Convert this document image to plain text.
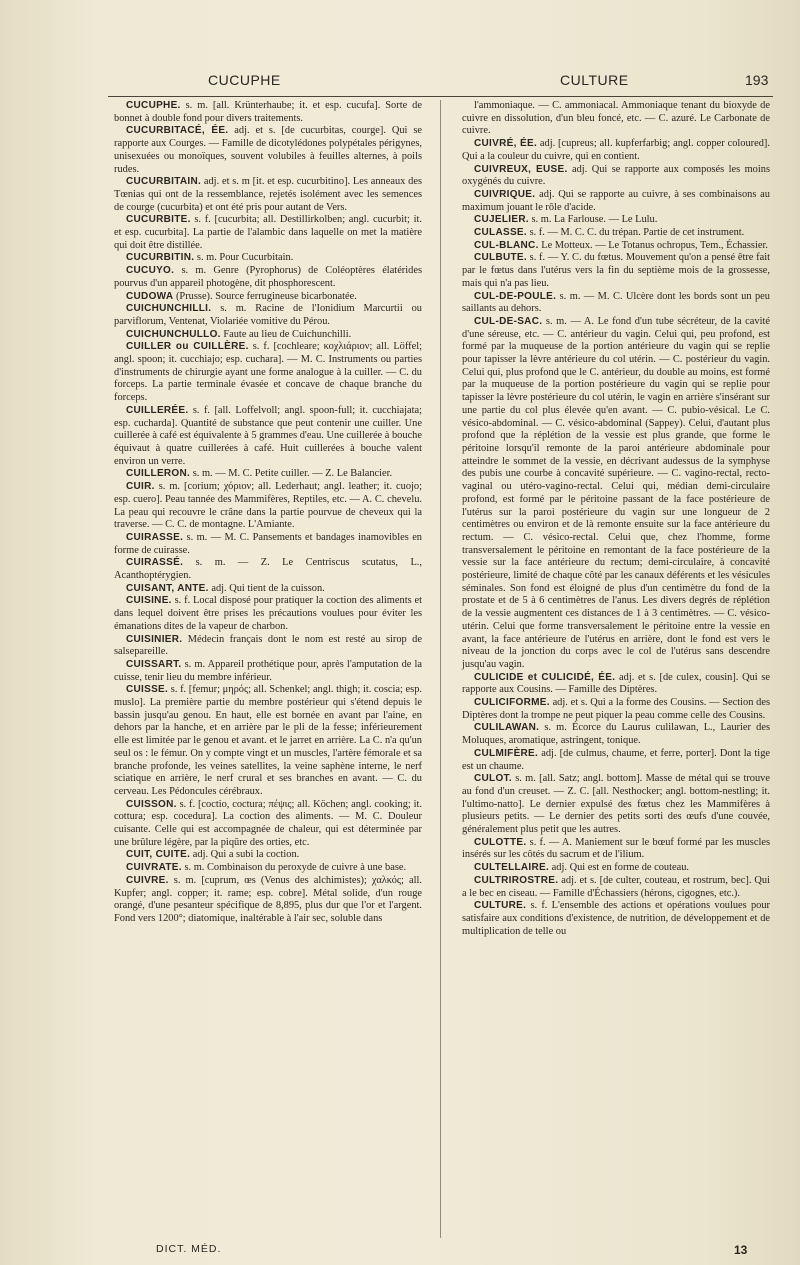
CUCUPHE	CULTURE	193
CUCUPHE. s. m. [all. Krünterhaube; it. et esp. cucufa]. Sorte de bonnet à double fond pour divers traitements.
CUCURBITACÉ, ÉE. adj. et s. [de cucurbitas, courge]. Qui se rapporte aux Courges. — Famille de dicotylédones polypétales périgynes, unisexuées ou monoïques, souvent volubiles à feuilles alternes, à poils rudes.
CUCURBITAIN. adj. et s. m [it. et esp. cucurbitino]. Les anneaux des Tœnias qui ont de la ressemblance, rejetés isolément avec les semences de courge (cucurbita) et ont été pris pour autant de Vers.
CUCURBITE. s. f. [cucurbita; all. Destillirkolben; angl. cucurbit; it. et esp. cucurbita]. La partie de l'alambic dans laquelle on met la matière qui doit être distillée.
CUCURBITIN. s. m. Pour Cucurbitain.
CUCUYO. s. m. Genre (Pyrophorus) de Coléoptères élatérides pourvus d'un appareil photogène, dit phosphorescent.
CUDOWA (Prusse). Source ferrugineuse bicarbonatée.
CUICHUNCHILLI. s. m. Racine de l'Ionidium Marcurtii ou parviflorum, Ventenat, Violariée vomitive du Pérou.
CUICHUNCHULLO. Faute au lieu de Cuichunchilli.
CUILLER ou CUILLÈRE. s. f. [cochleare; κοχλιάριον; all. Löffel; angl. spoon; it. cucchiajo; esp. cuchara]. — M. C. Instruments ou parties d'instruments de chirurgie ayant une forme analogue à la cuiller. — C. du forceps. La partie terminale évasée et concave de chaque branche du forceps.
CUILLERÉE. s. f. [all. Loffelvoll; angl. spoon-full; it. cucchiajata; esp. cucharda]. Quantité de substance que peut contenir une cuiller. Une cuillerée à café est équivalente à 5 grammes d'eau. Une cuillerée à bouche équivaut à quatre cuillerées à café. Huit cuillerées à bouche valent environ un verre.
CUILLERON. s. m. — M. C. Petite cuiller. — Z. Le Balancier.
CUIR. s. m. [corium; χόριον; all. Lederhaut; angl. leather; it. cuojo; esp. cuero]. Peau tannée des Mammifères, Reptiles, etc. — A. C. chevelu. La peau qui recouvre le crâne dans la partie pourvue de cheveux qui la traverse. — C. C. de montagne. L'Amiante.
CUIRASSE. s. m. — M. C. Pansements et bandages inamovibles en forme de cuirasse.
CUIRASSÉ. s. m. — Z. Le Centriscus scutatus, L., Acanthoptérygien.
CUISANT, ANTE. adj. Qui tient de la cuisson.
CUISINE. s. f. Local disposé pour pratiquer la coction des aliments et dans lequel doivent être prises les précautions voulues pour éviter les émanations dites de la vapeur de charbon.
CUISINIER. Médecin français dont le nom est resté au sirop de salsepareille.
CUISSART. s. m. Appareil prothétique pour, après l'amputation de la cuisse, tenir lieu du membre inférieur.
CUISSE. s. f. [femur; μηρός; all. Schenkel; angl. thigh; it. coscia; esp. muslo]. La première partie du membre postérieur qui s'étend depuis le bassin jusqu'au genou. En haut, elle est bornée en avant par l'aine, en dehors par la hanche, et en arrière par le pli de la fesse; inférieurement elle est limitée par le genou et avant. et le jarret en arrière. La C. n'a qu'un seul os : le fémur. On y compte vingt et un muscles, l'artère fémorale et sa branche profonde, les veines satellites, la veine saphène interne, le nerf sciatique en arrière, le nerf crural et ses branches en avant. — C. du cerveau. Les Pédoncules cérébraux.
CUISSON. s. f. [coctio, coctura; πέψις; all. Köchen; angl. cooking; it. cottura; esp. cocedura]. La coction des aliments. — M. C. Douleur cuisante. Celle qui est accompagnée de chaleur, qui est déterminée par une brûlure légère, par la piqûre des orties, etc.
CUIT, CUITE. adj. Qui a subi la coction.
CUIVRATE. s. m. Combinaison du peroxyde de cuivre à une base.
CUIVRE. s. m. [cuprum, œs (Venus des alchimistes); χαλκός; all. Kupfer; angl. copper; it. rame; esp. cobre]. Métal solide, d'un rouge orangé, d'une pesanteur spécifique de 8,895, plus dur que l'or et l'argent. Fond vers 1200°; diatomique, inaltérable à l'air sec, soluble dans
l'ammoniaque. — C. ammoniacal. Ammoniaque tenant du bioxyde de cuivre en dissolution, d'un bleu foncé, etc. — C. azuré. Le Carbonate de cuivre.
CUIVRÉ, ÉE. adj. [cupreus; all. kupferfarbig; angl. copper coloured]. Qui a la couleur du cuivre, qui en contient.
CUIVREUX, EUSE. adj. Qui se rapporte aux composés les moins oxygénés du cuivre.
CUIVRIQUE. adj. Qui se rapporte au cuivre, à ses combinaisons au maximum jouant le rôle d'acide.
CUJELIER. s. m. La Farlouse. — Le Lulu.
CULASSE. s. f. — M. C. C. du trépan. Partie de cet instrument.
CUL-BLANC. Le Motteux. — Le Totanus ochropus, Tem., Échassier.
CULBUTE. s. f. — Y. C. du fœtus. Mouvement qu'on a pensé être fait par le fœtus dans l'utérus vers la fin du septième mois de la grossesse, mais qui n'a pas lieu.
CUL-DE-POULE. s. m. — M. C. Ulcère dont les bords sont un peu saillants au dehors.
CUL-DE-SAC. s. m. — A. Le fond d'un tube sécréteur, de la cavité d'une séreuse, etc. — C. antérieur du vagin. Celui qui, peu profond, est formé par la muqueuse de la portion antérieure du vagin qui se replie pour tapisser la lèvre antérieure du col utérin. — C. postérieur du vagin. Celui qui, plus profond que le C. antérieur, du double au moins, est formé par la muqueuse de la portion postérieure du vagin qui se replie pour tapisser la lèvre postérieure du col utérin, le vagin en arrière s'insérant sur une partie du col plus élevée qu'en avant. — C. pubio-vésical. Le C. vésico-abdominal. — C. vésico-abdominal (Sappey). Celui, d'autant plus profond que la réplétion de la vessie est plus grande, que forme le péritoine lorsqu'il remonte de la paroi antérieure abdominale pour atteindre le sommet de la vessie, en décrivant audessus de la symphyse des pubis une courbe à concavité supérieure. — C. vagino-rectal, recto-vaginal ou utéro-vagino-rectal. Celui qui, médian demi-circulaire profond, est formé par le péritoine passant de la face postérieure de l'utérus sur la paroi postérieure du vagin sur une longueur de 2 centimètres ou environ et de là remonte ensuite sur la face antérieure du rectum. — C. vésico-rectal. Celui que, chez l'homme, forme transversalement le péritoine en remontant de la face postérieure de la vessie sur la face antérieure du rectum; demi-circulaire, à concavité postérieure, limité de chaque côté par les canaux déférents et les vésicules séminales. Son fond est éloigné de plus d'un centimètre du fond de la prostate et de 5 à 6 centimètres de l'anus. Les divers degrés de réplétion de la vessie augmentent ces distances de 1 à 3 centimètres. — C. vésico-utérin. Celui que forme transversalement le péritoine entre la vessie en avant, la face antérieure de l'utérus en arrière, dont le fond est vers le niveau de la jonction du corps avec le col de l'utérus sans descendre jusqu'au vagin.
CULICIDE et CULICIDÉ, ÉE. adj. et s. [de culex, cousin]. Qui se rapporte aux Cousins. — Famille des Diptères.
CULICIFORME. adj. et s. Qui a la forme des Cousins. — Section des Diptères dont la trompe ne peut piquer la peau comme celle des Cousins.
CULILAWAN. s. m. Écorce du Laurus culilawan, L., Laurier des Moluques, aromatique, astringent, tonique.
CULMIFÈRE. adj. [de culmus, chaume, et ferre, porter]. Dont la tige est un chaume.
CULOT. s. m. [all. Satz; angl. bottom]. Masse de métal qui se trouve au fond d'un creuset. — Z. C. [all. Nesthocker; angl. bottom-nestling; it. l'ultimo-natto]. Le dernier expulsé des fœtus chez les Mammifères à plusieurs petits. — Le dernier des petits sorti des œufs d'une couvée, généralement plus petit que les autres.
CULOTTE. s. f. — A. Maniement sur le bœuf formé par les muscles insérés sur les côtés du sacrum et de l'ilium.
CULTELLAIRE. adj. Qui est en forme de couteau.
CULTRIROSTRE. adj. et s. [de culter, couteau, et rostrum, bec]. Qui a le bec en ciseau. — Famille d'Échassiers (hérons, cigognes, etc.).
CULTURE. s. f. L'ensemble des actions et opérations voulues pour satisfaire aux conditions d'existence, de nutrition, de développement et de multiplication de telle ou
DICT. MÉD.	13
